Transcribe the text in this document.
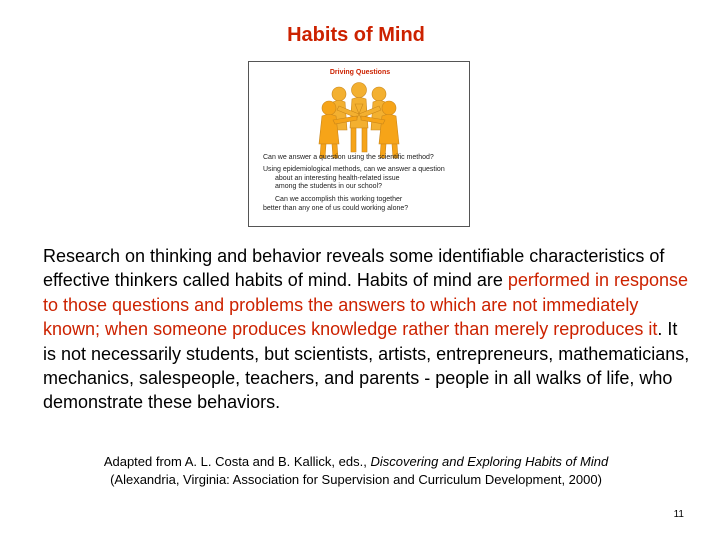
Habits of Mind
Driving Questions
Can we answer a question using the scientific method?
Using epidemiological methods, can we answer a question
about an interesting health-related issue
among the students in our school?
Can we accomplish this working together
better than any one of us could working alone?
Research on thinking and behavior reveals some identifiable characteristics of effective thinkers called habits of mind. Habits of mind are performed in response to those questions and problems the answers to which are not immediately known; when someone produces knowledge rather than merely reproduces it. It is not necessarily students, but scientists, artists, entrepreneurs, mathematicians, mechanics, salespeople, teachers, and parents - people in all walks of life, who demonstrate these behaviors.
Adapted from A. L. Costa and B. Kallick, eds., Discovering and Exploring Habits of Mind
(Alexandria, Virginia: Association for Supervision and Curriculum Development, 2000)
11
